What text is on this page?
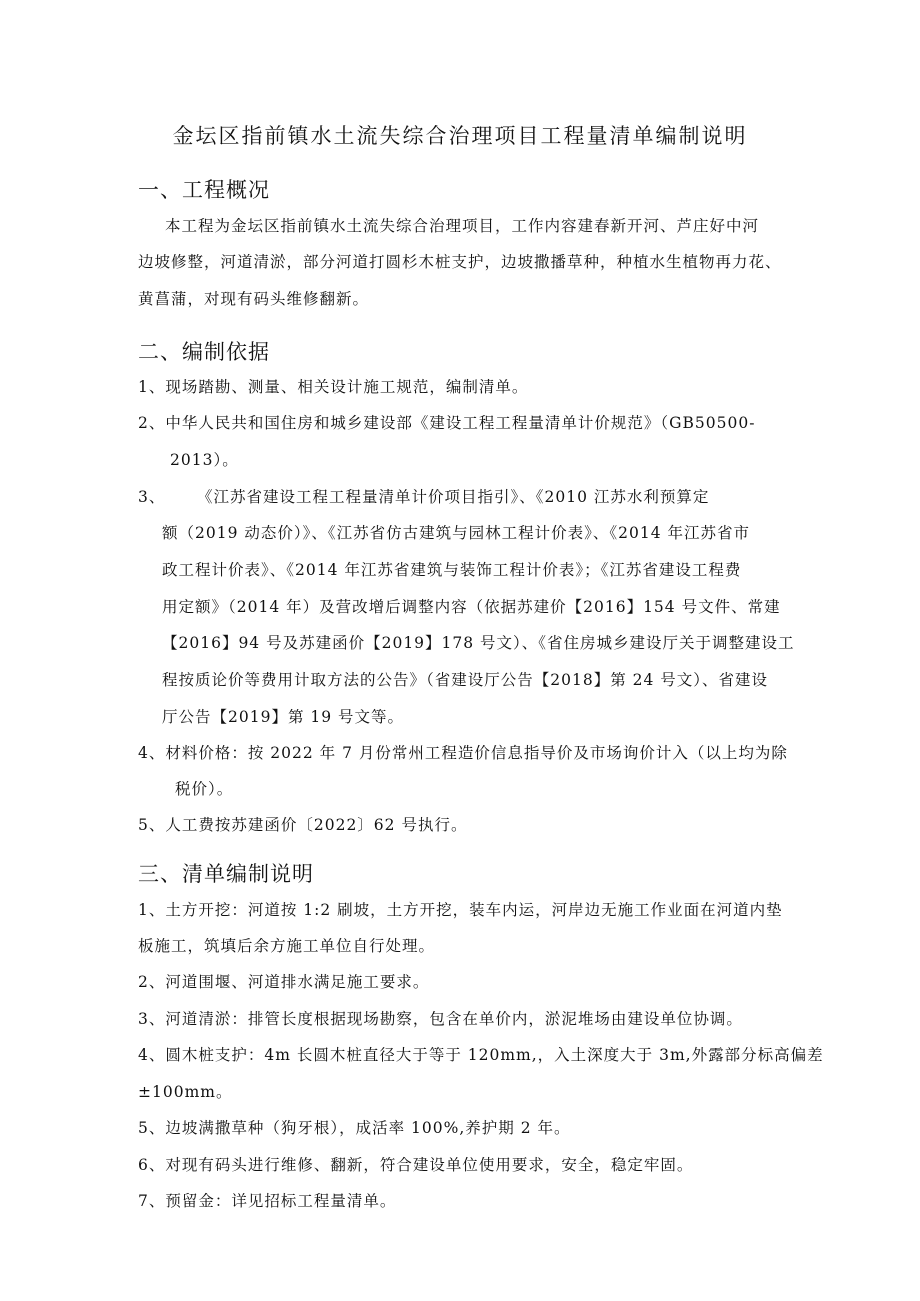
金坛区指前镇水土流失综合治理项目工程量清单编制说明
一、工程概况
本工程为金坛区指前镇水土流失综合治理项目，工作内容建春新开河、芦庄好中河
边坡修整，河道清淤，部分河道打圆杉木桩支护，边坡撒播草种，种植水生植物再力花、
黄菖蒲，对现有码头维修翻新。
二、编制依据
1、现场踏勘、测量、相关设计施工规范，编制清单。
2、中华人民共和国住房和城乡建设部《建设工程工程量清单计价规范》（GB50500-
2013）。
3、 《江苏省建设工程工程量清单计价项目指引》、《2010 江苏水利预算定
额（2019 动态价）》、《江苏省仿古建筑与园林工程计价表》、《2014 年江苏省市
政工程计价表》、《2014 年江苏省建筑与装饰工程计价表》；《江苏省建设工程费
用定额》（2014 年）及营改增后调整内容（依据苏建价【2016】154 号文件、常建
【2016】94 号及苏建函价【2019】178 号文）、《省住房城乡建设厅关于调整建设工
程按质论价等费用计取方法的公告》（省建设厅公告【2018】第 24 号文）、省建设
厅公告【2019】第 19 号文等。
4、材料价格：按 2022 年 7 月份常州工程造价信息指导价及市场询价计入（以上均为除
税价）。
5、人工费按苏建函价〔2022〕62 号执行。
三、清单编制说明
1、土方开挖：河道按 1:2 刷坡，土方开挖，装车内运，河岸边无施工作业面在河道内垫
板施工，筑填后余方施工单位自行处理。
2、河道围堰、河道排水满足施工要求。
3、河道清淤：排管长度根据现场勘察，包含在单价内，淤泥堆场由建设单位协调。
4、圆木桩支护：4m 长圆木桩直径大于等于 120mm,，入土深度大于 3m,外露部分标高偏差
±100mm。
5、边坡满撒草种（狗牙根），成活率 100%,养护期 2 年。
6、对现有码头进行维修、翻新，符合建设单位使用要求，安全，稳定牢固。
7、预留金：详见招标工程量清单。
